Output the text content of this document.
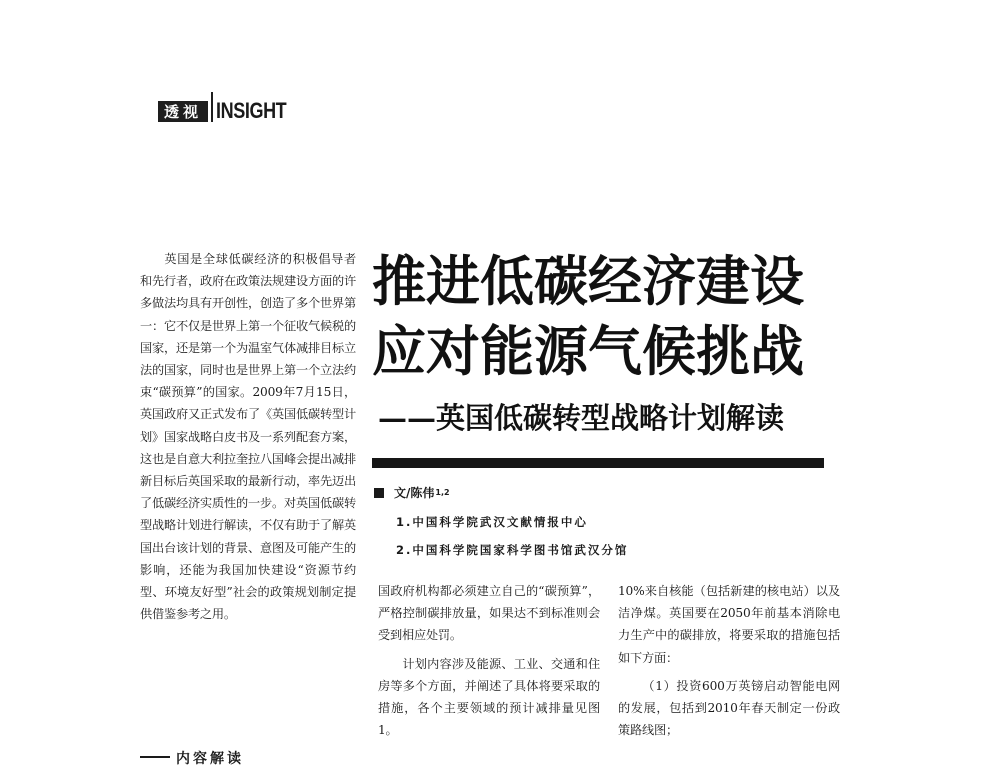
透视 INSIGHT
英国是全球低碳经济的积极倡导者和先行者，政府在政策法规建设方面的许多做法均具有开创性，创造了多个世界第一：它不仅是世界上第一个征收气候税的国家，还是第一个为温室气体减排目标立法的国家，同时也是世界上第一个立法约束“碳预算”的国家。2009年7月15日，英国政府又正式发布了《英国低碳转型计划》国家战略白皮书及一系列配套方案，这也是自意大利拉奎拉八国峰会提出减排新目标后英国采取的最新行动，率先迈出了低碳经济实质性的一步。对英国低碳转型战略计划进行解读，不仅有助于了解英国出台该计划的背景、意图及可能产生的影响，还能为我国加快建设“资源节约型、环境友好型”社会的政策规划制定提供借鉴参考之用。
内容解读
推进低碳经济建设
应对能源气候挑战
——英国低碳转型战略计划解读
文/陈伟 1,2
1.中国科学院武汉文献情报中心
2.中国科学院国家科学图书馆武汉分馆

国政府机构都必须建立自己的“碳预算”，严格控制碳排放量，如果达不到标准则会受到相应处罚。

计划内容涉及能源、工业、交通和住房等多个方面，并阐述了具体将要采取的措施，各个主要领域的预计减排量见图1。

10%来自核能（包括新建的核电站）以及洁净煤。英国要在2050年前基本消除电力生产中的碳排放，将要采取的措施包括如下方面：

（1）投资600万英镑启动智能电网的发展，包括到2010年春天制定一份政策路线图；
